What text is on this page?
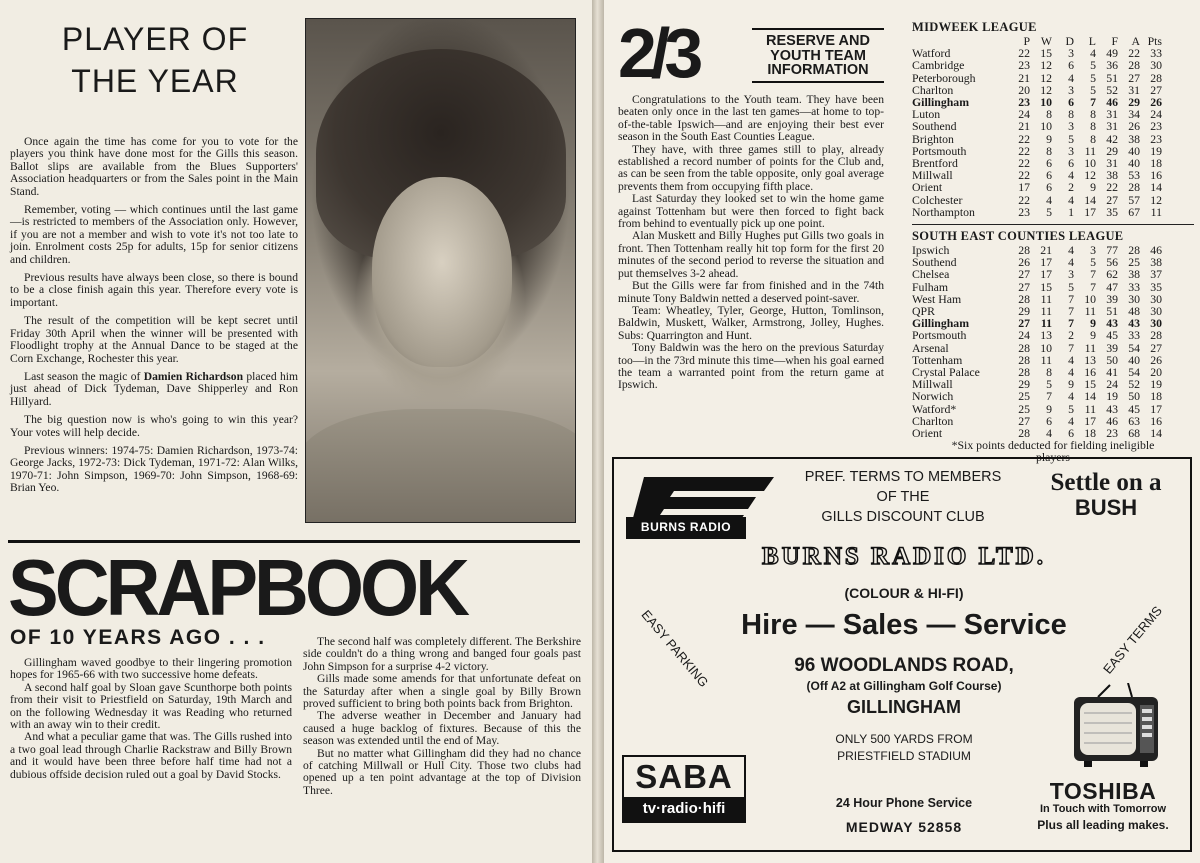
PLAYER OF
THE YEAR

Once again the time has come for you to vote for the players you think have done most for the Gills this season. Ballot slips are available from the Blues Supporters' Association headquarters or from the Sales point in the Main Stand.

Remember, voting — which continues until the last game—is restricted to members of the Association only. However, if you are not a member and wish to vote it's not too late to join. Enrolment costs 25p for adults, 15p for senior citizens and children.

Previous results have always been close, so there is bound to be a close finish again this year. Therefore every vote is important.

The result of the competition will be kept secret until Friday 30th April when the winner will be presented with Floodlight trophy at the Annual Dance to be staged at the Corn Exchange, Rochester this year.

Last season the magic of Damien Richardson placed him just ahead of Dick Tydeman, Dave Shipperley and Ron Hillyard.

The big question now is who's going to win this year? Your votes will help decide.

Previous winners: 1974-75: Damien Richardson, 1973-74: George Jacks, 1972-73: Dick Tydeman, 1971-72: Alan Wilks, 1970-71: John Simpson, 1969-70: John Simpson, 1968-69: Brian Yeo.

SCRAPBOOK
OF 10 YEARS AGO . . .

Gillingham waved goodbye to their lingering promotion hopes for 1965-66 with two successive home defeats.

A second half goal by Sloan gave Scunthorpe both points from their visit to Priestfield on Saturday, 19th March and on the following Wednesday it was Reading who returned with an away win to their credit.

And what a peculiar game that was. The Gills rushed into a two goal lead through Charlie Rackstraw and Billy Brown and it would have been three before half time had not a dubious offside decision ruled out a goal by David Stocks.

The second half was completely different. The Berkshire side couldn't do a thing wrong and banged four goals past John Simpson for a surprise 4-2 victory.

Gills made some amends for that unfortunate defeat on the Saturday after when a single goal by Billy Brown proved sufficient to bring both points back from Brighton.

The adverse weather in December and January had caused a huge backlog of fixtures. Because of this the season was extended until the end of May.

But no matter what Gillingham did they had no chance of catching Millwall or Hull City. Those two clubs had opened up a ten point advantage at the top of Division Three.

2/3	RESERVE AND
YOUTH TEAM
INFORMATION

Congratulations to the Youth team. They have been beaten only once in the last ten games—at home to top-of-the-table Ipswich—and are enjoying their best ever season in the South East Counties League.

They have, with three games still to play, already established a record number of points for the Club and, as can be seen from the table opposite, only goal average prevents them from occupying fifth place.

Last Saturday they looked set to win the home game against Tottenham but were then forced to fight back from behind to eventually pick up one point.

Alan Muskett and Billy Hughes put Gills two goals in front. Then Tottenham really hit top form for the first 20 minutes of the second period to reverse the situation and put themselves 3-2 ahead.

But the Gills were far from finished and in the 74th minute Tony Baldwin netted a deserved point-saver.

Team: Wheatley, Tyler, George, Hutton, Tomlinson, Baldwin, Muskett, Walker, Armstrong, Jolley, Hughes. Subs: Quarrington and Hunt.

Tony Baldwin was the hero on the previous Saturday too—in the 73rd minute this time—when his goal earned the team a warranted point from the return game at Ipswich.

MIDWEEK LEAGUE
	P	W	D	L	F	A	Pts
Watford	22	15	3	4	49	22	33
Cambridge	23	12	6	5	36	28	30
Peterborough	21	12	4	5	51	27	28
Charlton	20	12	3	5	52	31	27
Gillingham	23	10	6	7	46	29	26
Luton	24	8	8	8	31	34	24
Southend	21	10	3	8	31	26	23
Brighton	22	9	5	8	42	38	23
Portsmouth	22	8	3	11	29	40	19
Brentford	22	6	6	10	31	40	18
Millwall	22	6	4	12	38	53	16
Orient	17	6	2	9	22	28	14
Colchester	22	4	4	14	27	57	12
Northampton	23	5	1	17	35	67	11
SOUTH EAST COUNTIES LEAGUE
Ipswich	28	21	4	3	77	28	46
Southend	26	17	4	5	56	25	38
Chelsea	27	17	3	7	62	38	37
Fulham	27	15	5	7	47	33	35
West Ham	28	11	7	10	39	30	30
QPR	29	11	7	11	51	48	30
Gillingham	27	11	7	9	43	43	30
Portsmouth	24	13	2	9	45	33	28
Arsenal	28	10	7	11	39	54	27
Tottenham	28	11	4	13	50	40	26
Crystal Palace	28	8	4	16	41	54	20
Millwall	29	5	9	15	24	52	19
Norwich	25	7	4	14	19	50	18
Watford*	25	9	5	11	43	45	17
Charlton	27	6	4	17	46	63	16
Orient	28	4	6	18	23	68	14
*Six points deducted for fielding ineligible
players
BURNS RADIO
PREF. TERMS TO MEMBERS
OF THE
GILLS DISCOUNT CLUB
Settle on a
BUSH
BURNS RADIO LTD.
(COLOUR & HI-FI)
EASY PARKING	EASY TERMS
Hire — Sales — Service
96 WOODLANDS ROAD,
(Off A2 at Gillingham Golf Course)
GILLINGHAM
ONLY 500 YARDS FROM
PRIESTFIELD STADIUM
SABA
tv·radio·hifi	24 Hour Phone Service
MEDWAY 52858
TOSHIBA
In Touch with Tomorrow
Plus all leading makes.
